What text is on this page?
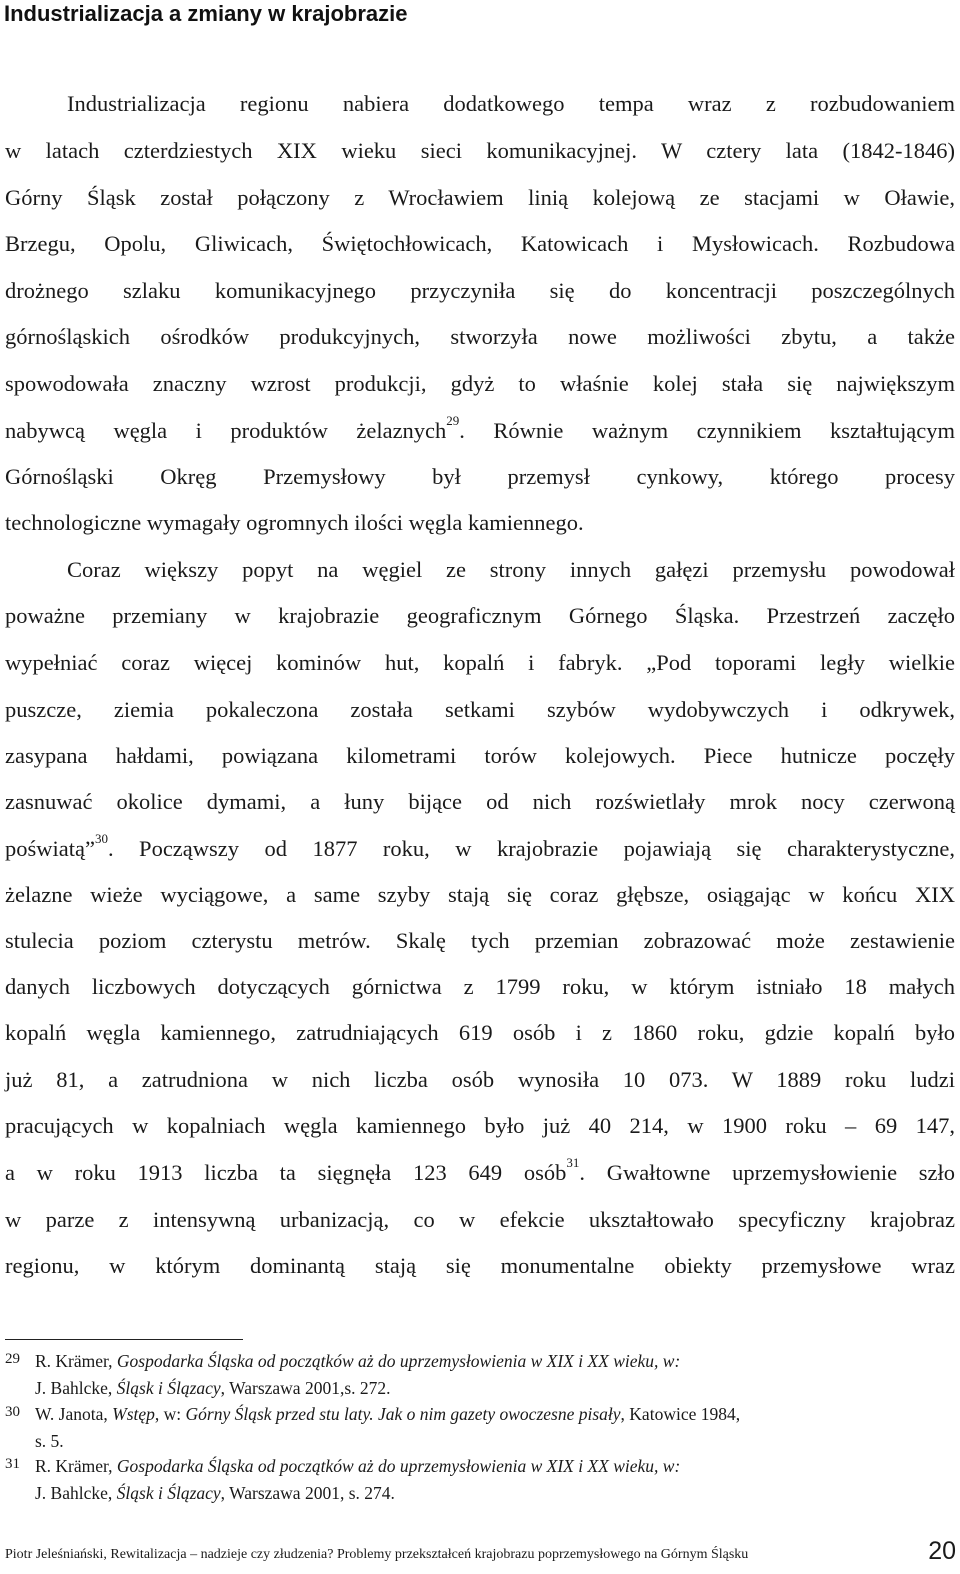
Industrializacja a zmiany w krajobrazie
Industrializacja regionu nabiera dodatkowego tempa wraz z rozbudowaniem
w latach czterdziestych XIX wieku sieci komunikacyjnej. W cztery lata (1842-1846)
Górny Śląsk został połączony z Wrocławiem linią kolejową ze stacjami w Oławie,
Brzegu, Opolu, Gliwicach, Świętochłowicach, Katowicach i Mysłowicach. Rozbudowa
drożnego szlaku komunikacyjnego przyczyniła się do koncentracji poszczególnych
górnośląskich ośrodków produkcyjnych, stworzyła nowe możliwości zbytu, a także
spowodowała znaczny wzrost produkcji, gdyż to właśnie kolej stała się największym
nabywcą węgla i produktów żelaznych$^{29}$. Równie ważnym czynnikiem kształtującym
Górnośląski Okręg Przemysłowy był przemysł cynkowy, którego procesy
technologiczne wymagały ogromnych ilości węgla kamiennego.
Coraz większy popyt na węgiel ze strony innych gałęzi przemysłu powodował
poważne przemiany w krajobrazie geograficznym Górnego Śląska. Przestrzeń zaczęło
wypełniać coraz więcej kominów hut, kopalń i fabryk. „Pod toporami legły wielkie
puszcze, ziemia pokaleczona została setkami szybów wydobywczych i odkrywek,
zasypana hałdami, powiązana kilometrami torów kolejowych. Piece hutnicze poczęły
zasnuwać okolice dymami, a łuny bijące od nich rozświetlały mrok nocy czerwoną
poświatą”$^{30}$. Począwszy od 1877 roku, w krajobrazie pojawiają się charakterystyczne,
żelazne wieże wyciągowe, a same szyby stają się coraz głębsze, osiągając w końcu XIX
stulecia poziom czterystu metrów. Skalę tych przemian zobrazować może zestawienie
danych liczbowych dotyczących górnictwa z 1799 roku, w którym istniało 18 małych
kopalń węgla kamiennego, zatrudniających 619 osób i z 1860 roku, gdzie kopalń było
już 81, a zatrudniona w nich liczba osób wynosiła 10 073. W 1889 roku ludzi
pracujących w kopalniach węgla kamiennego było już 40 214, w 1900 roku – 69 147,
a w roku 1913 liczba ta sięgnęła 123 649 osób$^{31}$. Gwałtowne uprzemysłowienie szło
w parze z intensywną urbanizacją, co w efekcie ukształtowało specyficzny krajobraz
regionu, w którym dominantą stają się monumentalne obiekty przemysłowe wraz
29 R. Krämer, Gospodarka Śląska od początków aż do uprzemysłowienia w XIX i XX wieku, w:
J. Bahlcke, Śląsk i Ślązacy, Warszawa 2001,s. 272.
30 W. Janota, Wstęp, w: Górny Śląsk przed stu laty. Jak o nim gazety owoczesne pisały, Katowice 1984,
s. 5.
31 R. Krämer, Gospodarka Śląska od początków aż do uprzemysłowienia w XIX i XX wieku, w:
J. Bahlcke, Śląsk i Ślązacy, Warszawa 2001, s. 274.
Piotr Jeleśniański, Rewitalizacja – nadzieje czy złudzenia? Problemy przekształceń krajobrazu poprzemysłowego na Górnym Śląsku	20
